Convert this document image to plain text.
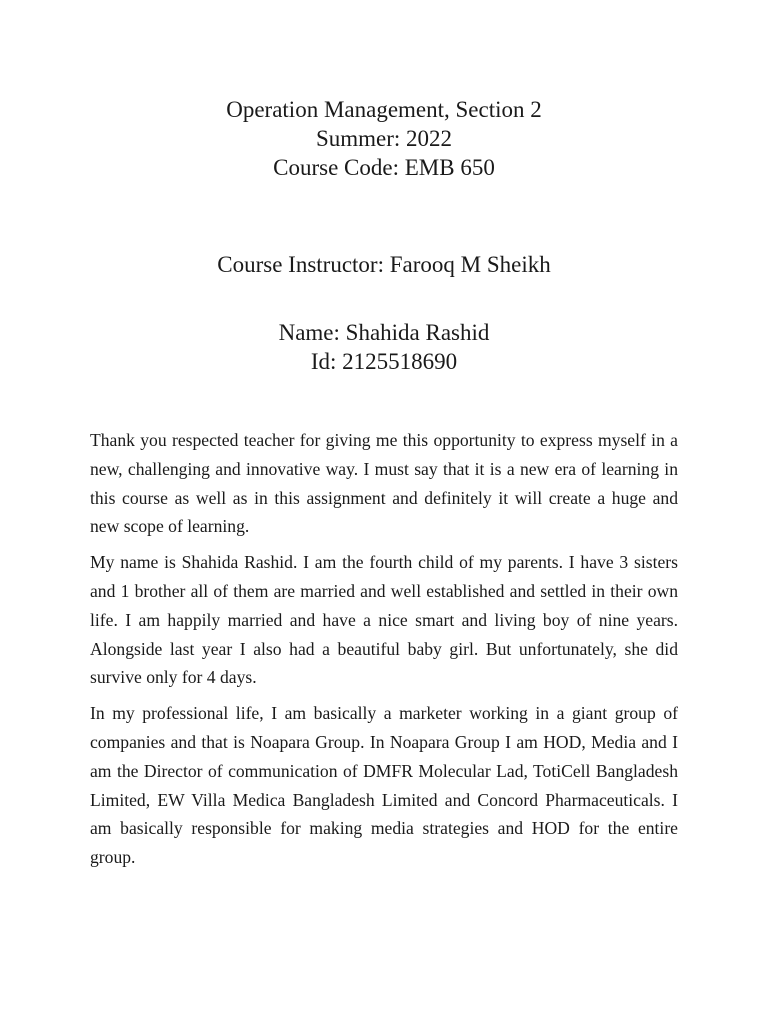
Operation Management, Section 2
Summer: 2022
Course Code: EMB 650
Course Instructor: Farooq M Sheikh
Name: Shahida Rashid
Id: 2125518690

Thank you respected teacher for giving me this opportunity to express myself in a new, challenging and innovative way. I must say that it is a new era of learning in this course as well as in this assignment and definitely it will create a huge and new scope of learning.

My name is Shahida Rashid. I am the fourth child of my parents. I have 3 sisters and 1 brother all of them are married and well established and settled in their own life. I am happily married and have a nice smart and living boy of nine years. Alongside last year I also had a beautiful baby girl. But unfortunately, she did survive only for 4 days.

In my professional life, I am basically a marketer working in a giant group of companies and that is Noapara Group. In Noapara Group I am HOD, Media and I am the Director of communication of DMFR Molecular Lad, TotiCell Bangladesh Limited, EW Villa Medica Bangladesh Limited and Concord Pharmaceuticals. I am basically responsible for making media strategies and HOD for the entire group.
